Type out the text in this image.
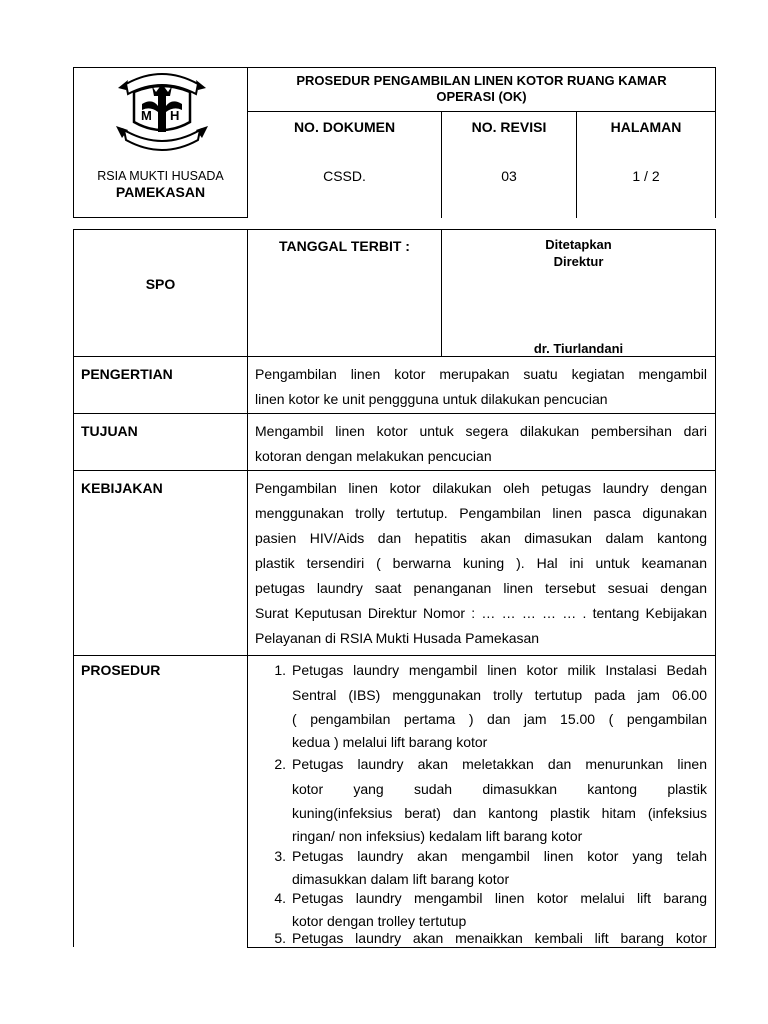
M H
RSIA MUKTI HUSADA
PAMEKASAN
PROSEDUR PENGAMBILAN LINEN KOTOR RUANG KAMAR
OPERASI (OK)
NO. DOKUMEN	NO. REVISI	HALAMAN
CSSD.	03	1 / 2
SPO
TANGGAL TERBIT :	Ditetapkan
Direktur
dr. Tiurlandani
PENGERTIAN	Pengambilan linen kotor merupakan suatu kegiatan mengambil
linen kotor ke unit penggguna untuk dilakukan pencucian
TUJUAN	Mengambil linen kotor untuk segera dilakukan pembersihan dari
kotoran dengan melakukan pencucian
KEBIJAKAN	Pengambilan linen kotor dilakukan oleh petugas laundry dengan
menggunakan trolly tertutup. Pengambilan linen pasca digunakan
pasien HIV/Aids dan hepatitis akan dimasukan dalam kantong
plastik tersendiri ( berwarna kuning ). Hal ini untuk keamanan
petugas laundry saat penanganan linen tersebut sesuai dengan
Surat Keputusan Direktur Nomor : … … … … … . tentang Kebijakan
Pelayanan di RSIA Mukti Husada Pamekasan
PROSEDUR	1. Petugas laundry mengambil linen kotor milik Instalasi Bedah
Sentral (IBS) menggunakan trolly tertutup pada jam 06.00
( pengambilan pertama ) dan jam 15.00 ( pengambilan
kedua ) melalui lift barang kotor
2. Petugas laundry akan meletakkan dan menurunkan linen
kotor yang sudah dimasukkan kantong plastik
kuning(infeksius berat) dan kantong plastik hitam (infeksius
ringan/ non infeksius) kedalam lift barang kotor
3. Petugas laundry akan mengambil linen kotor yang telah
dimasukkan dalam lift barang kotor
4. Petugas laundry mengambil linen kotor melalui lift barang
kotor dengan trolley tertutup
5. Petugas laundry akan menaikkan kembali lift barang kotor
